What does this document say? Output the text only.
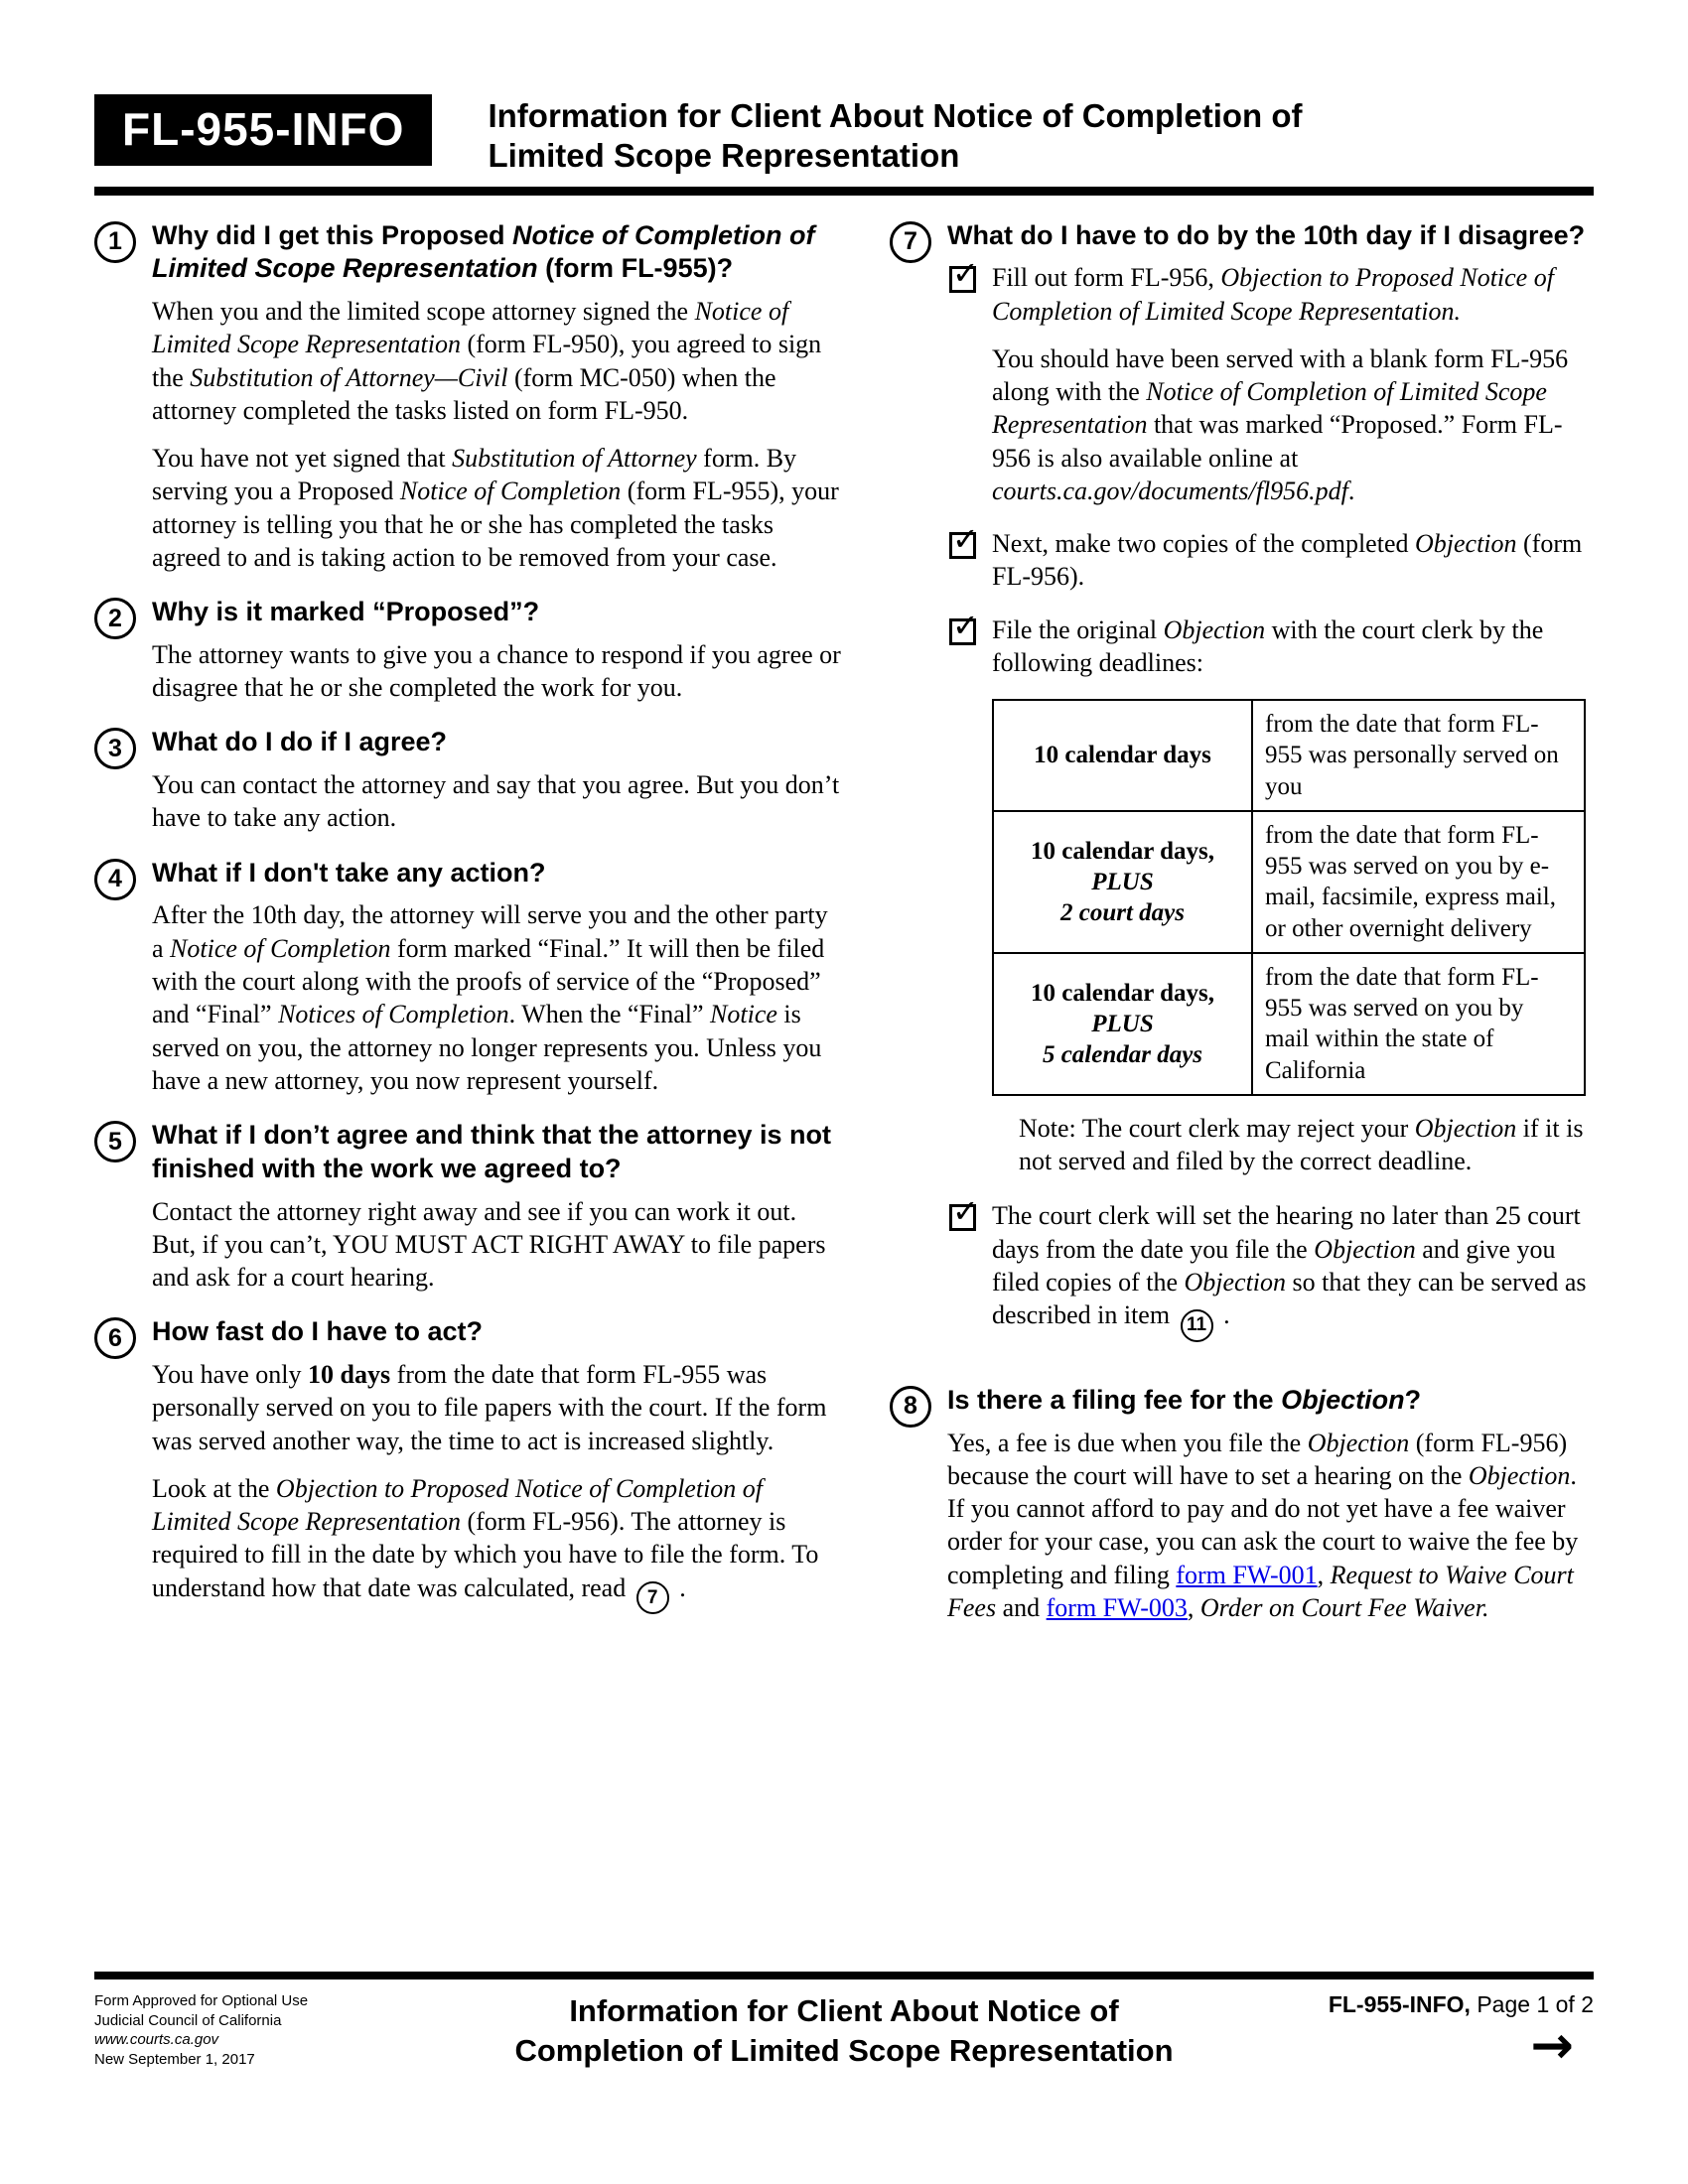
FL-955-INFO	Information for Client About Notice of Completion of
Limited Scope Representation
1 Why did I get this Proposed Notice of Completion of Limited Scope Representation (form FL-955)?

When you and the limited scope attorney signed the Notice of Limited Scope Representation (form FL-950), you agreed to sign the Substitution of Attorney—Civil (form MC-050) when the attorney completed the tasks listed on form FL-950.

You have not yet signed that Substitution of Attorney form. By serving you a Proposed Notice of Completion (form FL-955), your attorney is telling you that he or she has completed the tasks agreed to and is taking action to be removed from your case.

2 Why is it marked “Proposed”?

The attorney wants to give you a chance to respond if you agree or disagree that he or she completed the work for you.

3 What do I do if I agree?

You can contact the attorney and say that you agree. But you don’t have to take any action.

4 What if I don't take any action?

After the 10th day, the attorney will serve you and the other party a Notice of Completion form marked “Final.” It will then be filed with the court along with the proofs of service of the “Proposed” and “Final” Notices of Completion. When the “Final” Notice is served on you, the attorney no longer represents you. Unless you have a new attorney, you now represent yourself.

5 What if I don’t agree and think that the attorney is not finished with the work we agreed to?

Contact the attorney right away and see if you can work it out. But, if you can’t, YOU MUST ACT RIGHT AWAY to file papers and ask for a court hearing.

6 How fast do I have to act?

You have only 10 days from the date that form FL-955 was personally served on you to file papers with the court. If the form was served another way, the time to act is increased slightly.

Look at the Objection to Proposed Notice of Completion of Limited Scope Representation (form FL-956). The attorney is required to fill in the date by which you have to file the form. To understand how that date was calculated, read 7 .

7 What do I have to do by the 10th day if I disagree?
✓ Fill out form FL-956, Objection to Proposed Notice of Completion of Limited Scope Representation.

You should have been served with a blank form FL-956 along with the Notice of Completion of Limited Scope Representation that was marked “Proposed.” Form FL-956 is also available online at courts.ca.gov/documents/fl956.pdf.

✓ Next, make two copies of the completed Objection (form FL-956).

✓ File the original Objection with the court clerk by the following deadlines:

10 calendar days	from the date that form FL-955 was personally served on you

10 calendar days,
PLUS
2 court days	from the date that form FL-955 was served on you by e-mail, facsimile, express mail, or other overnight delivery

10 calendar days,
PLUS
5 calendar days	from the date that form FL-955 was served on you by mail within the state of California
Note: The court clerk may reject your Objection if it is not served and filed by the correct deadline.
✓ The court clerk will set the hearing no later than 25 court days from the date you file the Objection and give you filed copies of the Objection so that they can be served as described in item 11 .

8 Is there a filing fee for the Objection?

Yes, a fee is due when you file the Objection (form FL-956) because the court will have to set a hearing on the Objection. If you cannot afford to pay and do not yet have a fee waiver order for your case, you can ask the court to waive the fee by completing and filing form FW-001, Request to Waive Court Fees and form FW-003, Order on Court Fee Waiver.

Form Approved for Optional Use
Judicial Council of California
www.courts.ca.gov
New September 1, 2017
Information for Client About Notice of
Completion of Limited Scope Representation
FL-955-INFO, Page 1 of 2
→
